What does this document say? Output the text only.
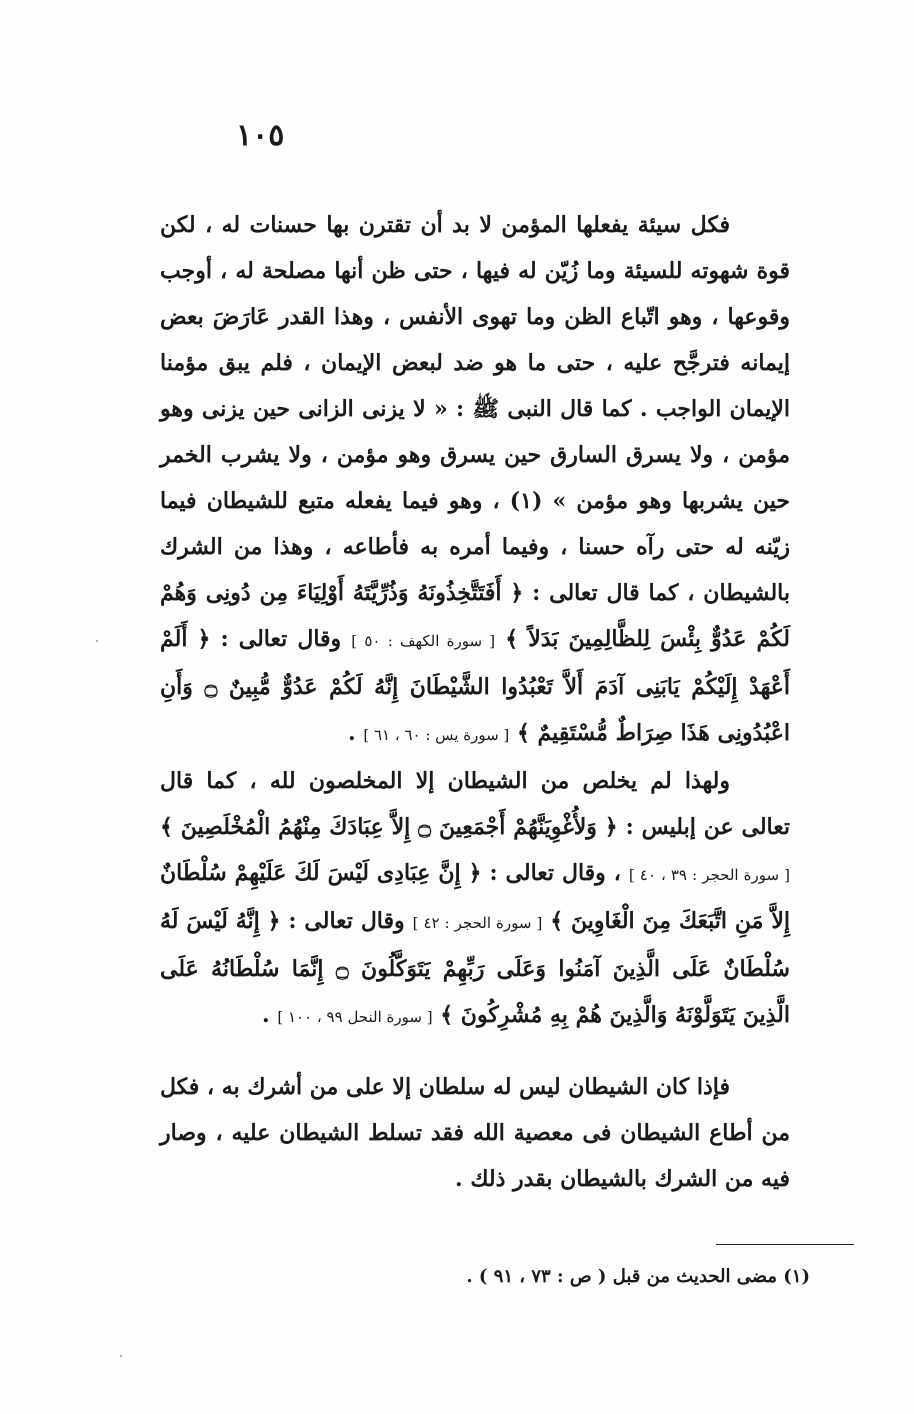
١٠٥

فكل سيئة يفعلها المؤمن لا بد أن تقترن بها حسنات له ، لكن قوة شهوته للسيئة وما زُيّن له فيها ، حتى ظن أنها مصلحة له ، أوجب وقوعها ، وهو اتّباع الظن وما تهوى الأنفس ، وهذا القدر عَارَضَ بعض إيمانه فترجَّح عليه ، حتى ما هو ضد لبعض الإيمان ، فلم يبق مؤمنا الإيمان الواجب . كما قال النبى ﷺ : « لا يزنى الزانى حين يزنى وهو مؤمن ، ولا يسرق السارق حين يسرق وهو مؤمن ، ولا يشرب الخمر حين يشربها وهو مؤمن » (١) ، وهو فيما يفعله متبع للشيطان فيما زيّنه له حتى رآه حسنا ، وفيما أمره به فأطاعه ، وهذا من الشرك بالشيطان ، كما قال تعالى : ﴿ أَفَتَتَّخِذُونَهُ وَذُرِّيَّتَهُ أَوْلِيَاءَ مِن دُونِى وَهُمْ لَكُمْ عَدُوٌّ بِئْسَ لِلظَّالِمِينَ بَدَلاً ﴾ [ سورة الكهف : ٥٠ ] وقال تعالى : ﴿ أَلَمْ أَعْهَدْ إِلَيْكُمْ يَابَنِى آدَمَ أَلاَّ تَعْبُدُوا الشَّيْطَانَ إِنَّهُ لَكُمْ عَدُوٌّ مُّبِينٌ ۝ وَأَنِ اعْبُدُونِى هَذَا صِرَاطٌ مُّسْتَقِيمٌ ﴾ [ سورة يس : ٦٠ ، ٦١ ] .

ولهذا لم يخلص من الشيطان إلا المخلصون لله ، كما قال تعالى عن إبليس : ﴿ وَلأُغْوِيَنَّهُمْ أَجْمَعِينَ ۝ إِلاَّ عِبَادَكَ مِنْهُمُ الْمُخْلَصِينَ ﴾ [ سورة الحجر : ٣٩ ، ٤٠ ] ، وقال تعالى : ﴿ إِنَّ عِبَادِى لَيْسَ لَكَ عَلَيْهِمْ سُلْطَانٌ إِلاَّ مَنِ اتَّبَعَكَ مِنَ الْغَاوِينَ ﴾ [ سورة الحجر : ٤٢ ] وقال تعالى : ﴿ إِنَّهُ لَيْسَ لَهُ سُلْطَانٌ عَلَى الَّذِينَ آمَنُوا وَعَلَى رَبِّهِمْ يَتَوَكَّلُونَ ۝ إِنَّمَا سُلْطَانُهُ عَلَى الَّذِينَ يَتَوَلَّوْنَهُ وَالَّذِينَ هُمْ بِهِ مُشْرِكُونَ ﴾ [ سورة النحل ٩٩ ، ١٠٠ ] .

فإذا كان الشيطان ليس له سلطان إلا على من أشرك به ، فكل من أطاع الشيطان فى معصية الله فقد تسلط الشيطان عليه ، وصار فيه من الشرك بالشيطان بقدر ذلك .

(١) مضى الحديث من قبل ( ص : ٧٣ ، ٩١ ) .
